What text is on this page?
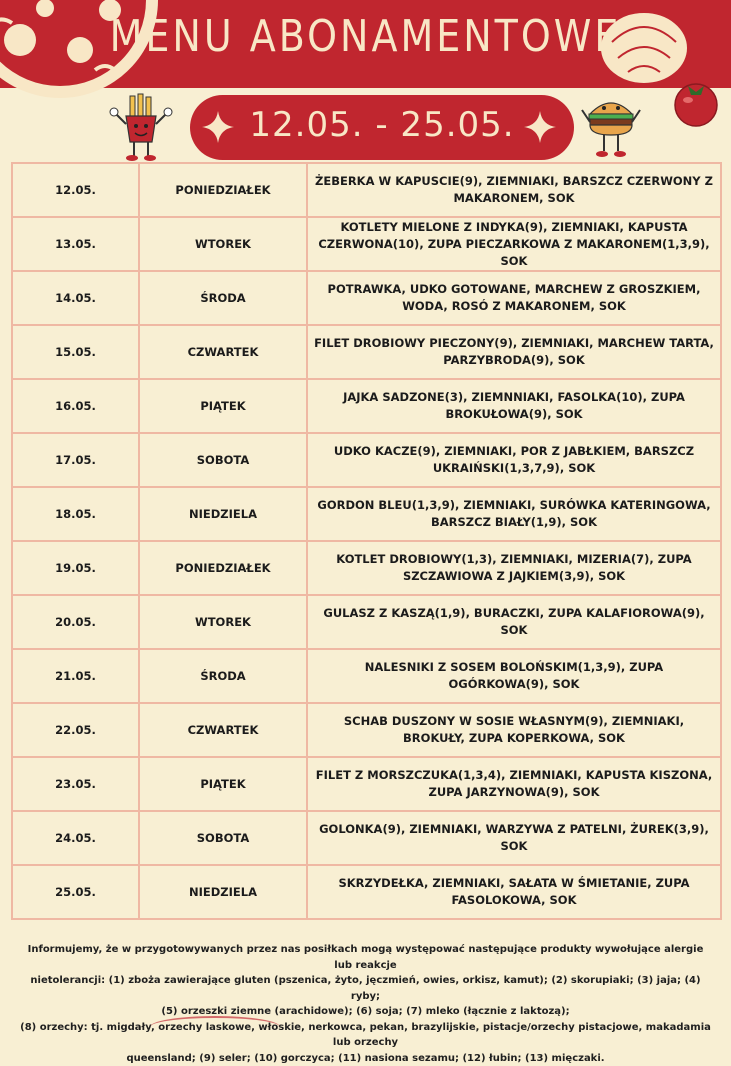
MENU ABONAMENTOWE
12.05. - 25.05.
12.05.	PONIEDZIAŁEK	ŻEBERKA W KAPUSCIE(9), ZIEMNIAKI, BARSZCZ CZERWONY Z MAKARONEM, SOK
13.05.	WTOREK	KOTLETY MIELONE Z INDYKA(9), ZIEMNIAKI, KAPUSTA CZERWONA(10), ZUPA PIECZARKOWA Z MAKARONEM(1,3,9), SOK
14.05.	ŚRODA	POTRAWKA, UDKO GOTOWANE, MARCHEW Z GROSZKIEM, WODA, ROSÓ Z MAKARONEM, SOK
15.05.	CZWARTEK	FILET DROBIOWY PIECZONY(9), ZIEMNIAKI, MARCHEW TARTA, PARZYBRODA(9), SOK
16.05.	PIĄTEK	JAJKA SADZONE(3), ZIEMNNIAKI, FASOLKA(10), ZUPA BROKUŁOWA(9), SOK
17.05.	SOBOTA	UDKO KACZE(9), ZIEMNIAKI, POR Z JABŁKIEM, BARSZCZ UKRAIŃSKI(1,3,7,9), SOK
18.05.	NIEDZIELA	GORDON BLEU(1,3,9), ZIEMNIAKI, SURÓWKA KATERINGOWA, BARSZCZ BIAŁY(1,9), SOK
19.05.	PONIEDZIAŁEK	KOTLET DROBIOWY(1,3), ZIEMNIAKI, MIZERIA(7), ZUPA SZCZAWIOWA Z JAJKIEM(3,9), SOK
20.05.	WTOREK	GULASZ Z KASZĄ(1,9), BURACZKI, ZUPA KALAFIOROWA(9), SOK
21.05.	ŚRODA	NALESNIKI Z SOSEM BOLOŃSKIM(1,3,9), ZUPA OGÓRKOWA(9), SOK
22.05.	CZWARTEK	SCHAB DUSZONY W SOSIE WŁASNYM(9), ZIEMNIAKI, BROKUŁY, ZUPA KOPERKOWA, SOK
23.05.	PIĄTEK	FILET Z MORSZCZUKA(1,3,4), ZIEMNIAKI, KAPUSTA KISZONA, ZUPA JARZYNOWA(9), SOK
24.05.	SOBOTA	GOLONKA(9), ZIEMNIAKI, WARZYWA Z PATELNI, ŻUREK(3,9), SOK
25.05.	NIEDZIELA	SKRZYDEŁKA, ZIEMNIAKI, SAŁATA W ŚMIETANIE, ZUPA FASOLOKOWA, SOK
Informujemy, że w przygotowywanych przez nas posiłkach mogą występować następujące produkty wywołujące alergie lub reakcje
nietolerancji: (1) zboża zawierające gluten (pszenica, żyto, jęczmień, owies, orkisz, kamut); (2) skorupiaki; (3) jaja; (4) ryby;
(5) orzeszki ziemne (arachidowe); (6) soja; (7) mleko (łącznie z laktozą);
(8) orzechy: tj. migdały, orzechy laskowe, włoskie, nerkowca, pekan, brazylijskie, pistacje/orzechy pistacjowe, makadamia lub orzechy
queensland; (9) seler; (10) gorczyca; (11) nasiona sezamu; (12) łubin; (13) mięczaki.
